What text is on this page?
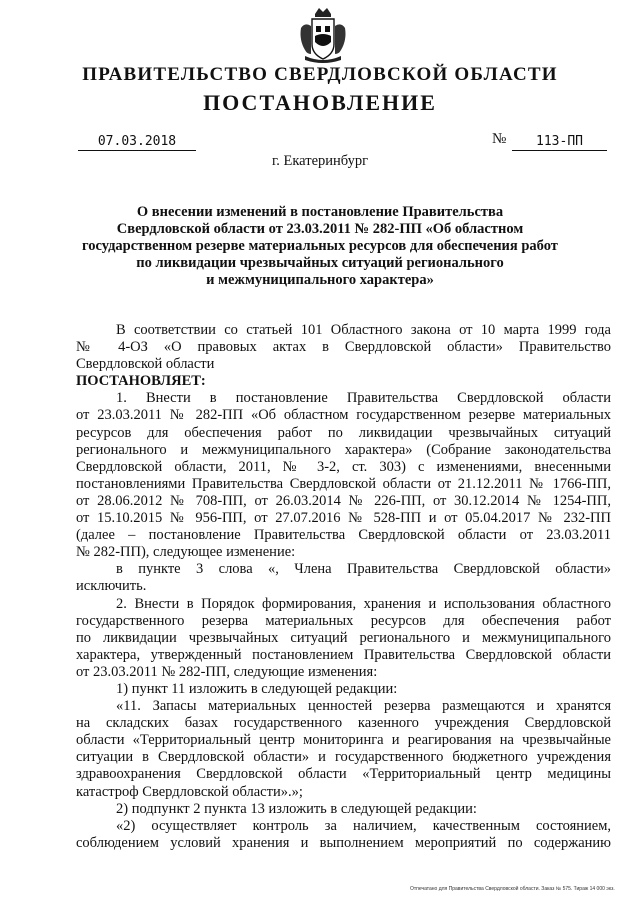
ПРАВИТЕЛЬСТВО СВЕРДЛОВСКОЙ ОБЛАСТИ
ПОСТАНОВЛЕНИЕ
07.03.2018	№	113-ПП
г. Екатеринбург
О внесении изменений в постановление Правительства
Свердловской области от 23.03.2011 № 282-ПП «Об областном
государственном резерве материальных ресурсов для обеспечения работ
по ликвидации чрезвычайных ситуаций регионального
и межмуниципального характера»
В соответствии со статьей 101 Областного закона от 10 марта 1999 года
№ 4-ОЗ «О правовых актах в Свердловской области» Правительство
Свердловской области
ПОСТАНОВЛЯЕТ:
1. Внести в постановление Правительства Свердловской области
от 23.03.2011 № 282-ПП «Об областном государственном резерве материальных
ресурсов для обеспечения работ по ликвидации чрезвычайных ситуаций
регионального и межмуниципального характера» (Собрание законодательства
Свердловской области, 2011, № 3-2, ст. 303) с изменениями, внесенными
постановлениями Правительства Свердловской области от 21.12.2011 № 1766-ПП,
от 28.06.2012 № 708-ПП, от 26.03.2014 № 226-ПП, от 30.12.2014 № 1254-ПП,
от 15.10.2015 № 956-ПП, от 27.07.2016 № 528-ПП и от 05.04.2017 № 232-ПП
(далее – постановление Правительства Свердловской области от 23.03.2011
№ 282-ПП), следующее изменение:
в пункте 3 слова «, Члена Правительства Свердловской области»
исключить.
2. Внести в Порядок формирования, хранения и использования областного
государственного резерва материальных ресурсов для обеспечения работ
по ликвидации чрезвычайных ситуаций регионального и межмуниципального
характера, утвержденный постановлением Правительства Свердловской области
от 23.03.2011 № 282-ПП, следующие изменения:
1) пункт 11 изложить в следующей редакции:
«11. Запасы материальных ценностей резерва размещаются и хранятся
на складских базах государственного казенного учреждения Свердловской
области «Территориальный центр мониторинга и реагирования на чрезвычайные
ситуации в Свердловской области» и государственного бюджетного учреждения
здравоохранения Свердловской области «Территориальный центр медицины
катастроф Свердловской области».»;
2) подпункт 2 пункта 13 изложить в следующей редакции:
«2) осуществляет контроль за наличием, качественным состоянием,
соблюдением условий хранения и выполнением мероприятий по содержанию
Отпечатано для Правительства Свердловской области. Заказ № 575. Тираж 14 000 экз.
